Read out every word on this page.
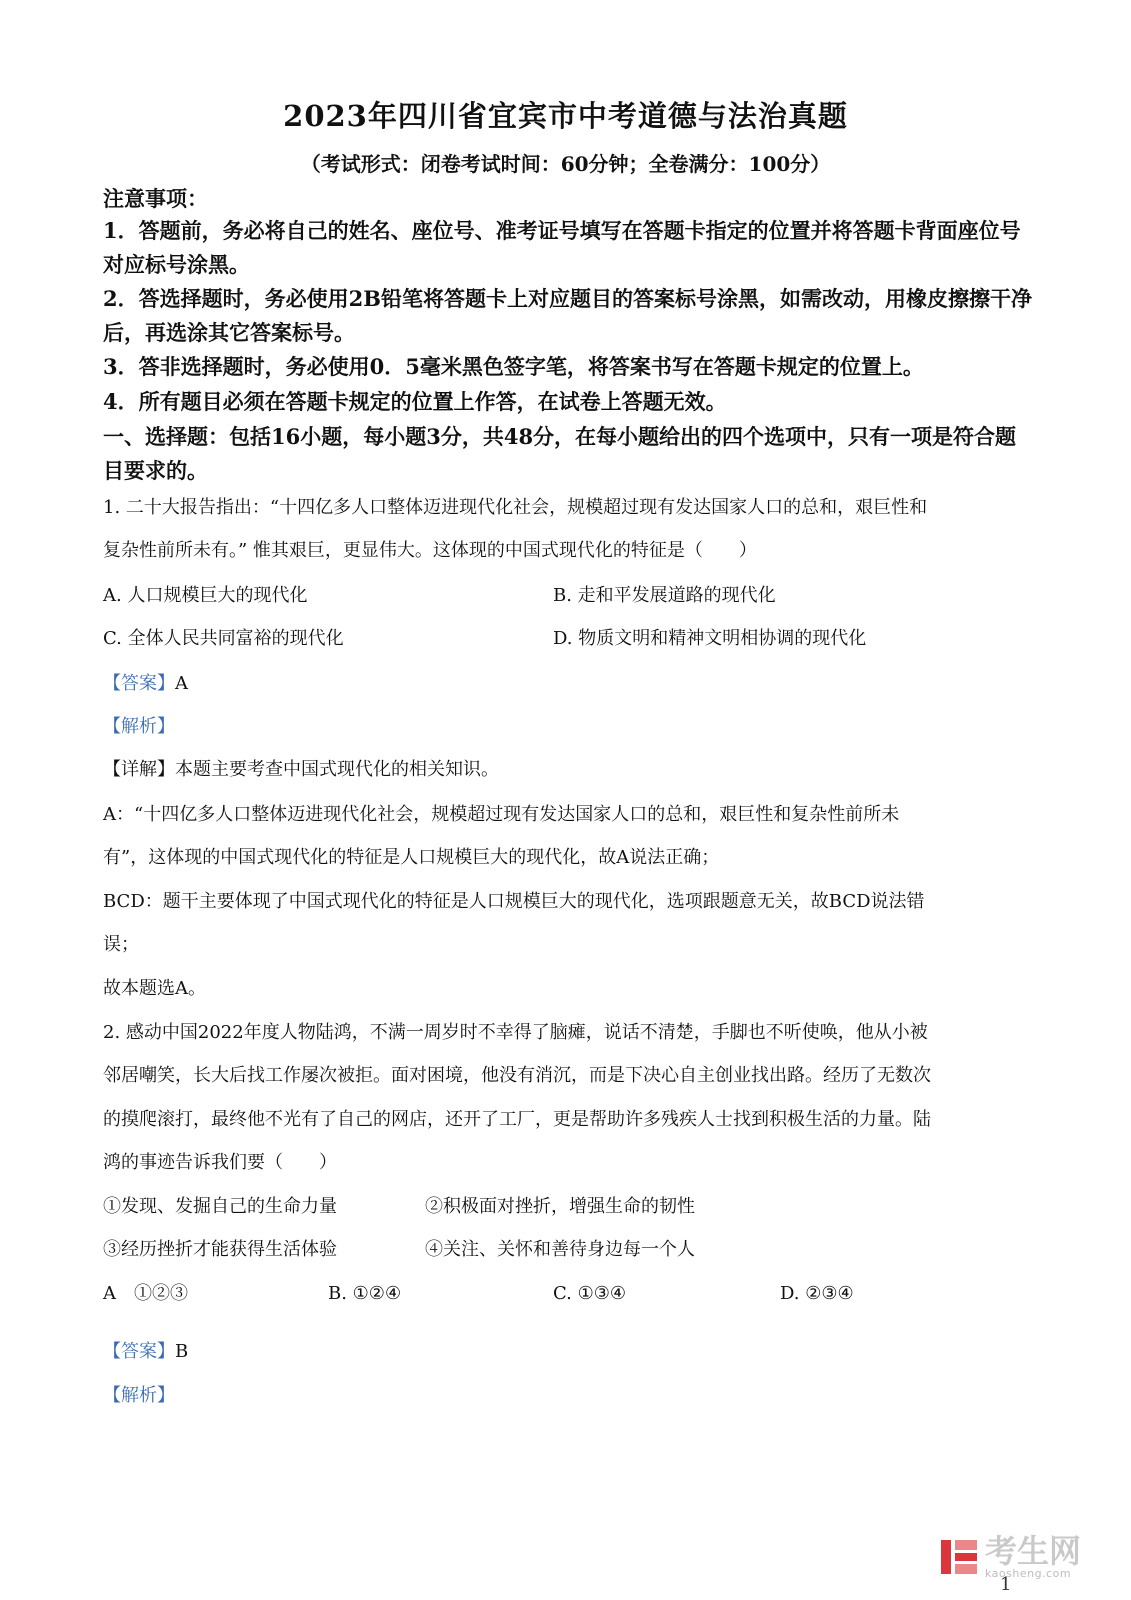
2023年四川省宜宾市中考道德与法治真题
（考试形式：闭卷考试时间：60分钟；全卷满分：100分）
注意事项：
1．答题前，务必将自己的姓名、座位号、准考证号填写在答题卡指定的位置并将答题卡背面座位号对应标号涂黑。
2．答选择题时，务必使用2B铅笔将答题卡上对应题目的答案标号涂黑，如需改动，用橡皮擦擦干净后，再选涂其它答案标号。
3．答非选择题时，务必使用0．5毫米黑色签字笔，将答案书写在答题卡规定的位置上。
4．所有题目必须在答题卡规定的位置上作答，在试卷上答题无效。
一、选择题：包括16小题，每小题3分，共48分，在每小题给出的四个选项中，只有一项是符合题目要求的。
1. 二十大报告指出：“十四亿多人口整体迈进现代化社会，规模超过现有发达国家人口的总和，艰巨性和
复杂性前所未有。” 惟其艰巨，更显伟大。这体现的中国式现代化的特征是（　　）
A. 人口规模巨大的现代化	B. 走和平发展道路的现代化
C. 全体人民共同富裕的现代化	D. 物质文明和精神文明相协调的现代化
【答案】A
【解析】
【详解】本题主要考查中国式现代化的相关知识。
A：“十四亿多人口整体迈进现代化社会，规模超过现有发达国家人口的总和，艰巨性和复杂性前所未
有”，这体现的中国式现代化的特征是人口规模巨大的现代化，故A说法正确；
BCD：题干主要体现了中国式现代化的特征是人口规模巨大的现代化，选项跟题意无关，故BCD说法错
误；
故本题选A。
2. 感动中国2022年度人物陆鸿，不满一周岁时不幸得了脑瘫，说话不清楚，手脚也不听使唤，他从小被
邻居嘲笑，长大后找工作屡次被拒。面对困境，他没有消沉，而是下决心自主创业找出路。经历了无数次
的摸爬滚打，最终他不光有了自己的网店，还开了工厂，更是帮助许多残疾人士找到积极生活的力量。陆
鸿的事迹告诉我们要（　　）
①发现、发掘自己的生命力量	②积极面对挫折，增强生命的韧性
③经历挫折才能获得生活体验	④关注、关怀和善待身边每一个人
A　①②③	B. ①②④	C. ①③④	D. ②③④
【答案】B
【解析】
考生网
kaosheng.com
1
